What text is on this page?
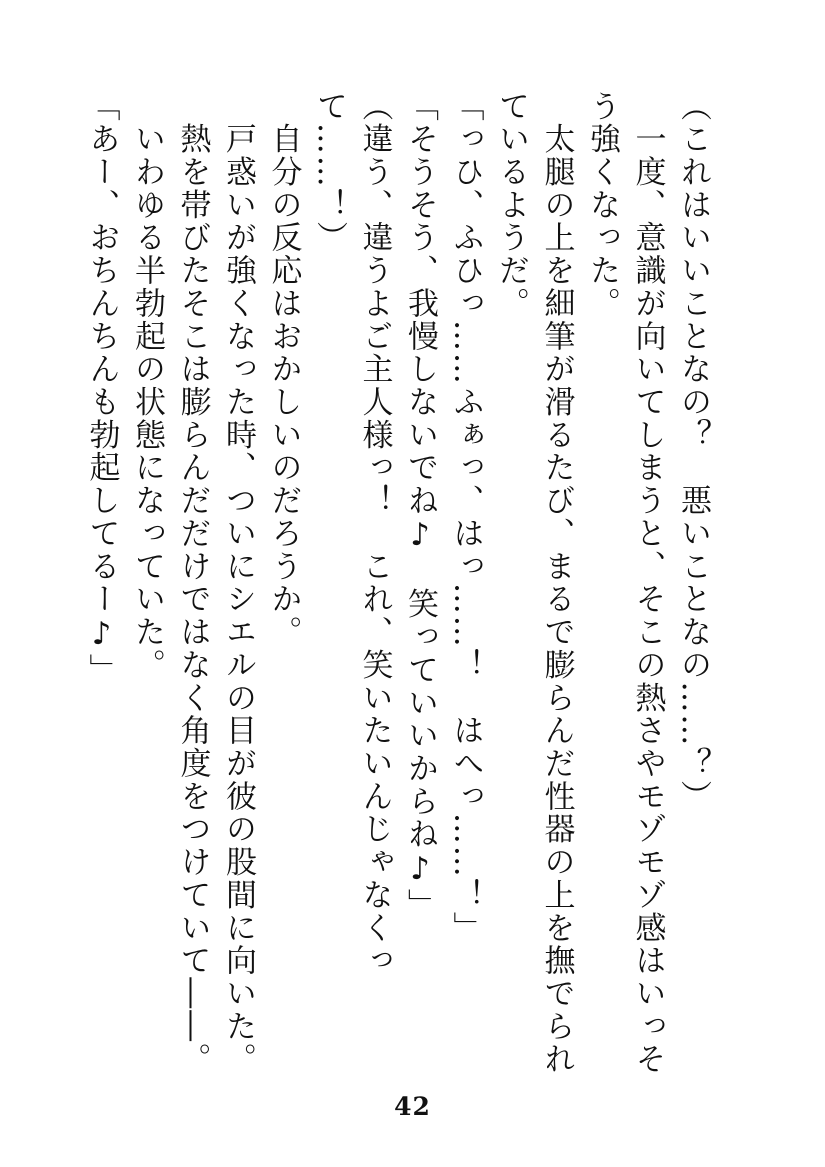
（これはいいことなの？　悪いことなの……？）
　一度、意識が向いてしまうと、そこの熱さやモゾモゾ感はいっそう強くなった。
　太腿の上を細筆が滑るたび、まるで膨らんだ性器の上を撫でられているようだ。
「っひ、ふひっ……ふぁっ、はっ……！　はへっ……！」
「そうそう、我慢しないでね♪　笑っていいからね♪」
（違う、違うよご主人様っ！　これ、笑いたいんじゃなくって……！）
　自分の反応はおかしいのだろうか。
　戸惑いが強くなった時、ついにシエルの目が彼の股間に向いた。
　熱を帯びたそこは膨らんだだけではなく角度をつけていて――。
　いわゆる半勃起の状態になっていた。
「あー、おちんちんも勃起してるー♪」
42
